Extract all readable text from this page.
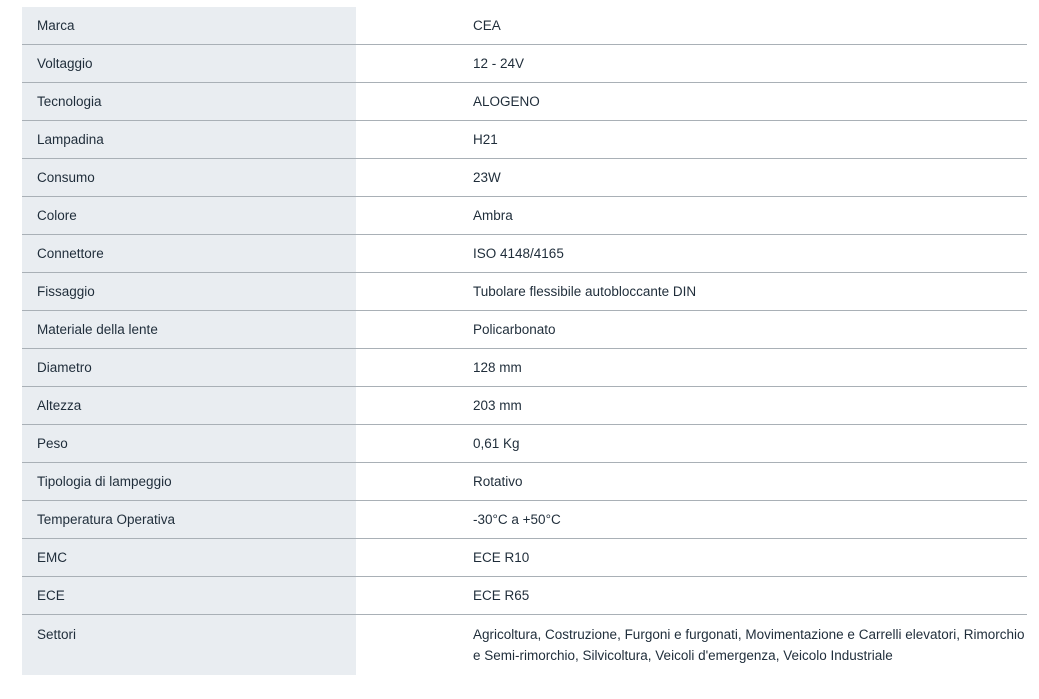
Marca	CEA
Voltaggio	12 - 24V
Tecnologia	ALOGENO
Lampadina	H21
Consumo	23W
Colore	Ambra
Connettore	ISO 4148/4165
Fissaggio	Tubolare flessibile autobloccante DIN
Materiale della lente	Policarbonato
Diametro	128 mm
Altezza	203 mm
Peso	0,61 Kg
Tipologia di lampeggio	Rotativo
Temperatura Operativa	-30°C a +50°C
EMC	ECE R10
ECE	ECE R65
Settori	Agricoltura, Costruzione, Furgoni e furgonati, Movimentazione e Carrelli elevatori, Rimorchio e Semi-rimorchio, Silvicoltura, Veicoli d'emergenza, Veicolo Industriale
